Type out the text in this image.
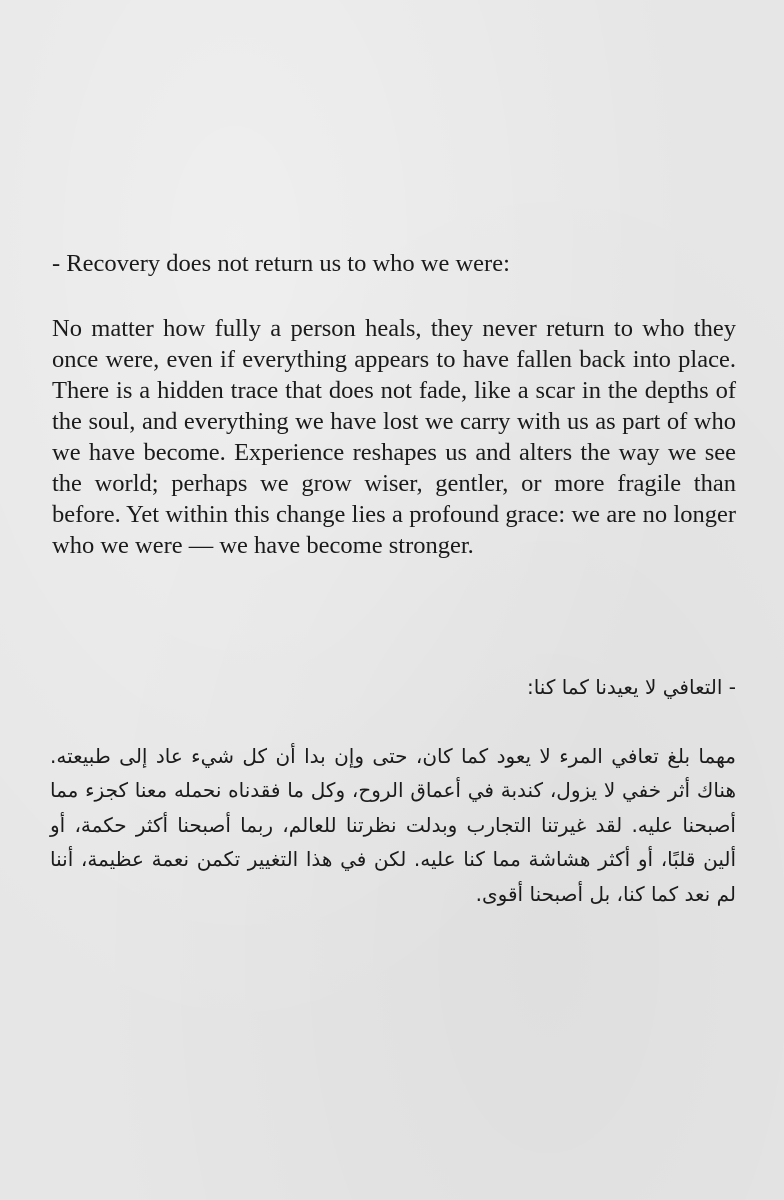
- Recovery does not return us to who we were:

No matter how fully a person heals, they never return to who they once were, even if everything appears to have fallen back into place. There is a hidden trace that does not fade, like a scar in the depths of the soul, and everything we have lost we carry with us as part of who we have become. Experience reshapes us and alters the way we see the world; perhaps we grow wiser, gentler, or more fragile than before. Yet within this change lies a profound grace: we are no longer who we were — we have become stronger.

- التعافي لا يعيدنا كما كنا:

مهما بلغ تعافي المرء لا يعود كما كان، حتى وإن بدا أن كل شيء عاد إلى طبيعته. هناك أثر خفي لا يزول، كندبة في أعماق الروح، وكل ما فقدناه نحمله معنا كجزء مما أصبحنا عليه. لقد غيرتنا التجارب وبدلت نظرتنا للعالم، ربما أصبحنا أكثر حكمة، أو ألين قلبًا، أو أكثر هشاشة مما كنا عليه. لكن في هذا التغيير تكمن نعمة عظيمة، أننا لم نعد كما كنا، بل أصبحنا أقوى.
